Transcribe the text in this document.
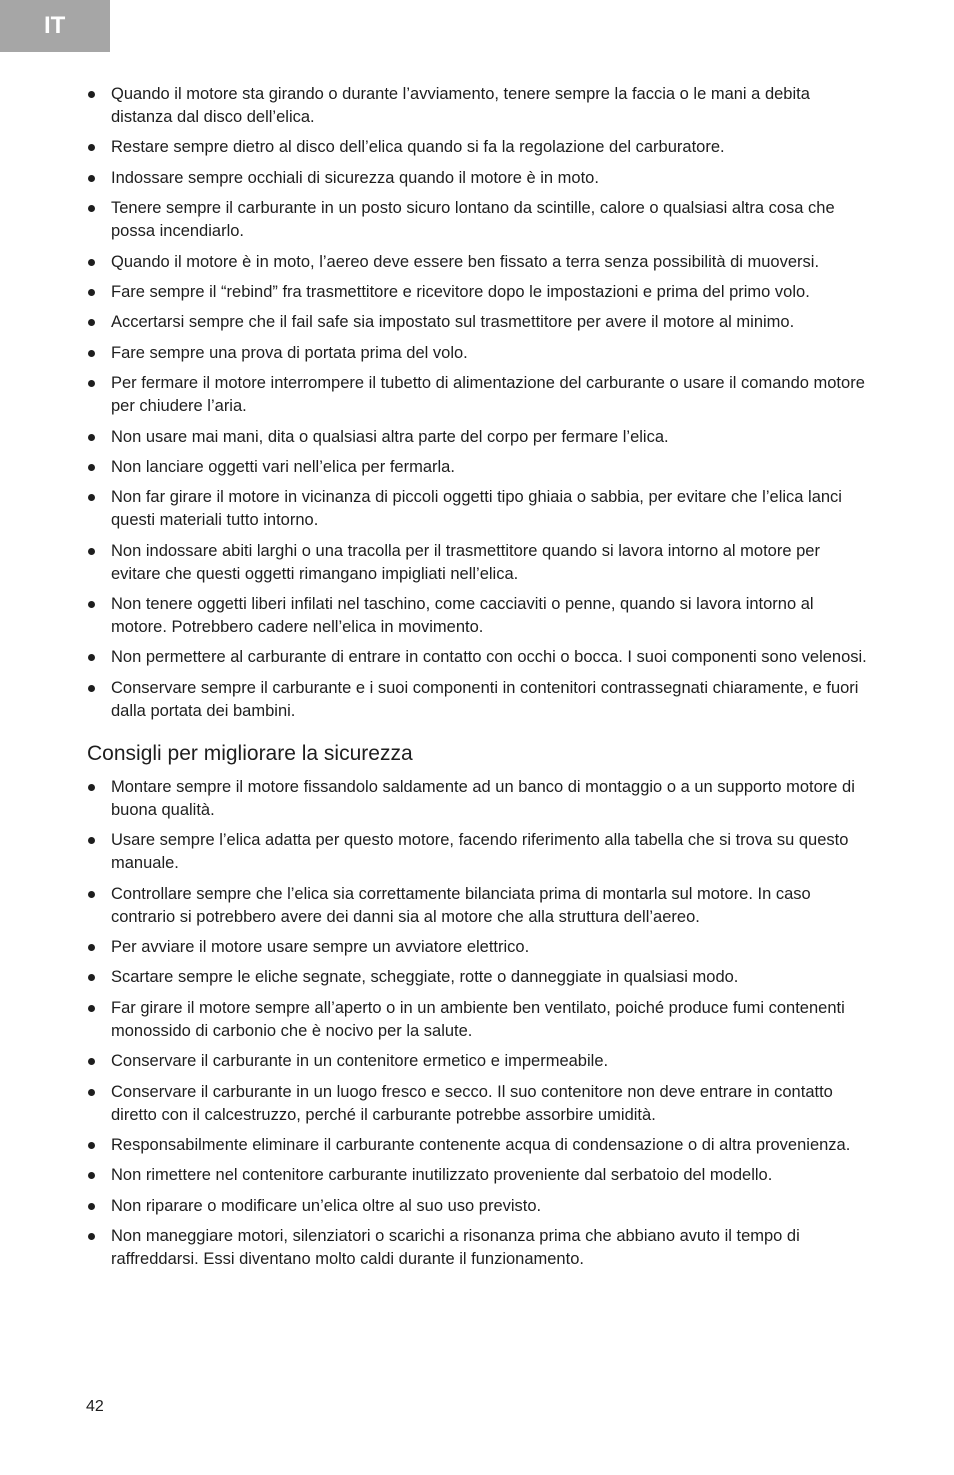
IT
Quando il motore sta girando o durante l’avviamento, tenere sempre la faccia o le mani a debita distanza dal disco dell’elica.
Restare sempre dietro al disco dell’elica quando si fa la regolazione del carburatore.
Indossare sempre occhiali di sicurezza quando il motore è in moto.
Tenere sempre il carburante in un posto sicuro lontano da scintille, calore o qualsiasi altra cosa che possa incendiarlo.
Quando il motore è in moto, l’aereo deve essere ben fissato a terra senza possibilità di muoversi.
Fare sempre il “rebind” fra trasmettitore e ricevitore dopo le impostazioni e prima del primo volo.
Accertarsi sempre che il fail safe sia impostato sul trasmettitore per avere il motore al minimo.
Fare sempre una prova di portata prima del volo.
Per fermare il motore interrompere il tubetto di alimentazione del carburante o usare il comando motore per chiudere l’aria.
Non usare mai mani, dita o qualsiasi altra parte del corpo per fermare l’elica.
Non lanciare oggetti vari nell’elica per fermarla.
Non far girare il motore in vicinanza di piccoli oggetti tipo ghiaia o sabbia, per evitare che l’elica lanci questi materiali tutto intorno.
Non indossare abiti larghi o una tracolla per il trasmettitore quando si lavora intorno al motore per evitare che questi oggetti rimangano impigliati nell’elica.
Non tenere oggetti liberi infilati nel taschino, come cacciaviti o penne, quando si lavora intorno al motore. Potrebbero cadere nell’elica in movimento.
Non permettere al carburante di entrare in contatto con occhi o bocca. I suoi componenti sono velenosi.
Conservare sempre il carburante e i suoi componenti in contenitori contrassegnati chiaramente, e fuori dalla portata dei bambini.
Consigli per migliorare la sicurezza
Montare sempre il motore fissandolo saldamente ad un banco di montaggio o a un supporto motore di buona qualità.
Usare sempre l’elica adatta per questo motore, facendo riferimento alla tabella che si trova su questo manuale.
Controllare sempre che l’elica sia correttamente bilanciata prima di montarla sul motore. In caso contrario si potrebbero avere dei danni sia al motore che alla struttura dell’aereo.
Per avviare il motore usare sempre un avviatore elettrico.
Scartare sempre le eliche segnate, scheggiate, rotte o danneggiate in qualsiasi modo.
Far girare il motore sempre all’aperto o in un ambiente ben ventilato, poiché produce fumi contenenti monossido di carbonio che è nocivo per la salute.
Conservare il carburante in un contenitore ermetico e impermeabile.
Conservare il carburante in un luogo fresco e secco. Il suo contenitore non deve entrare in contatto diretto con il calcestruzzo, perché il carburante potrebbe assorbire umidità.
Responsabilmente eliminare il carburante contenente acqua di condensazione o di altra provenienza.
Non rimettere nel contenitore carburante inutilizzato proveniente dal serbatoio del modello.
Non riparare o modificare un’elica oltre al suo uso previsto.
Non maneggiare motori, silenziatori o scarichi a risonanza prima che abbiano avuto il tempo di raffreddarsi. Essi diventano molto caldi durante il funzionamento.
42
